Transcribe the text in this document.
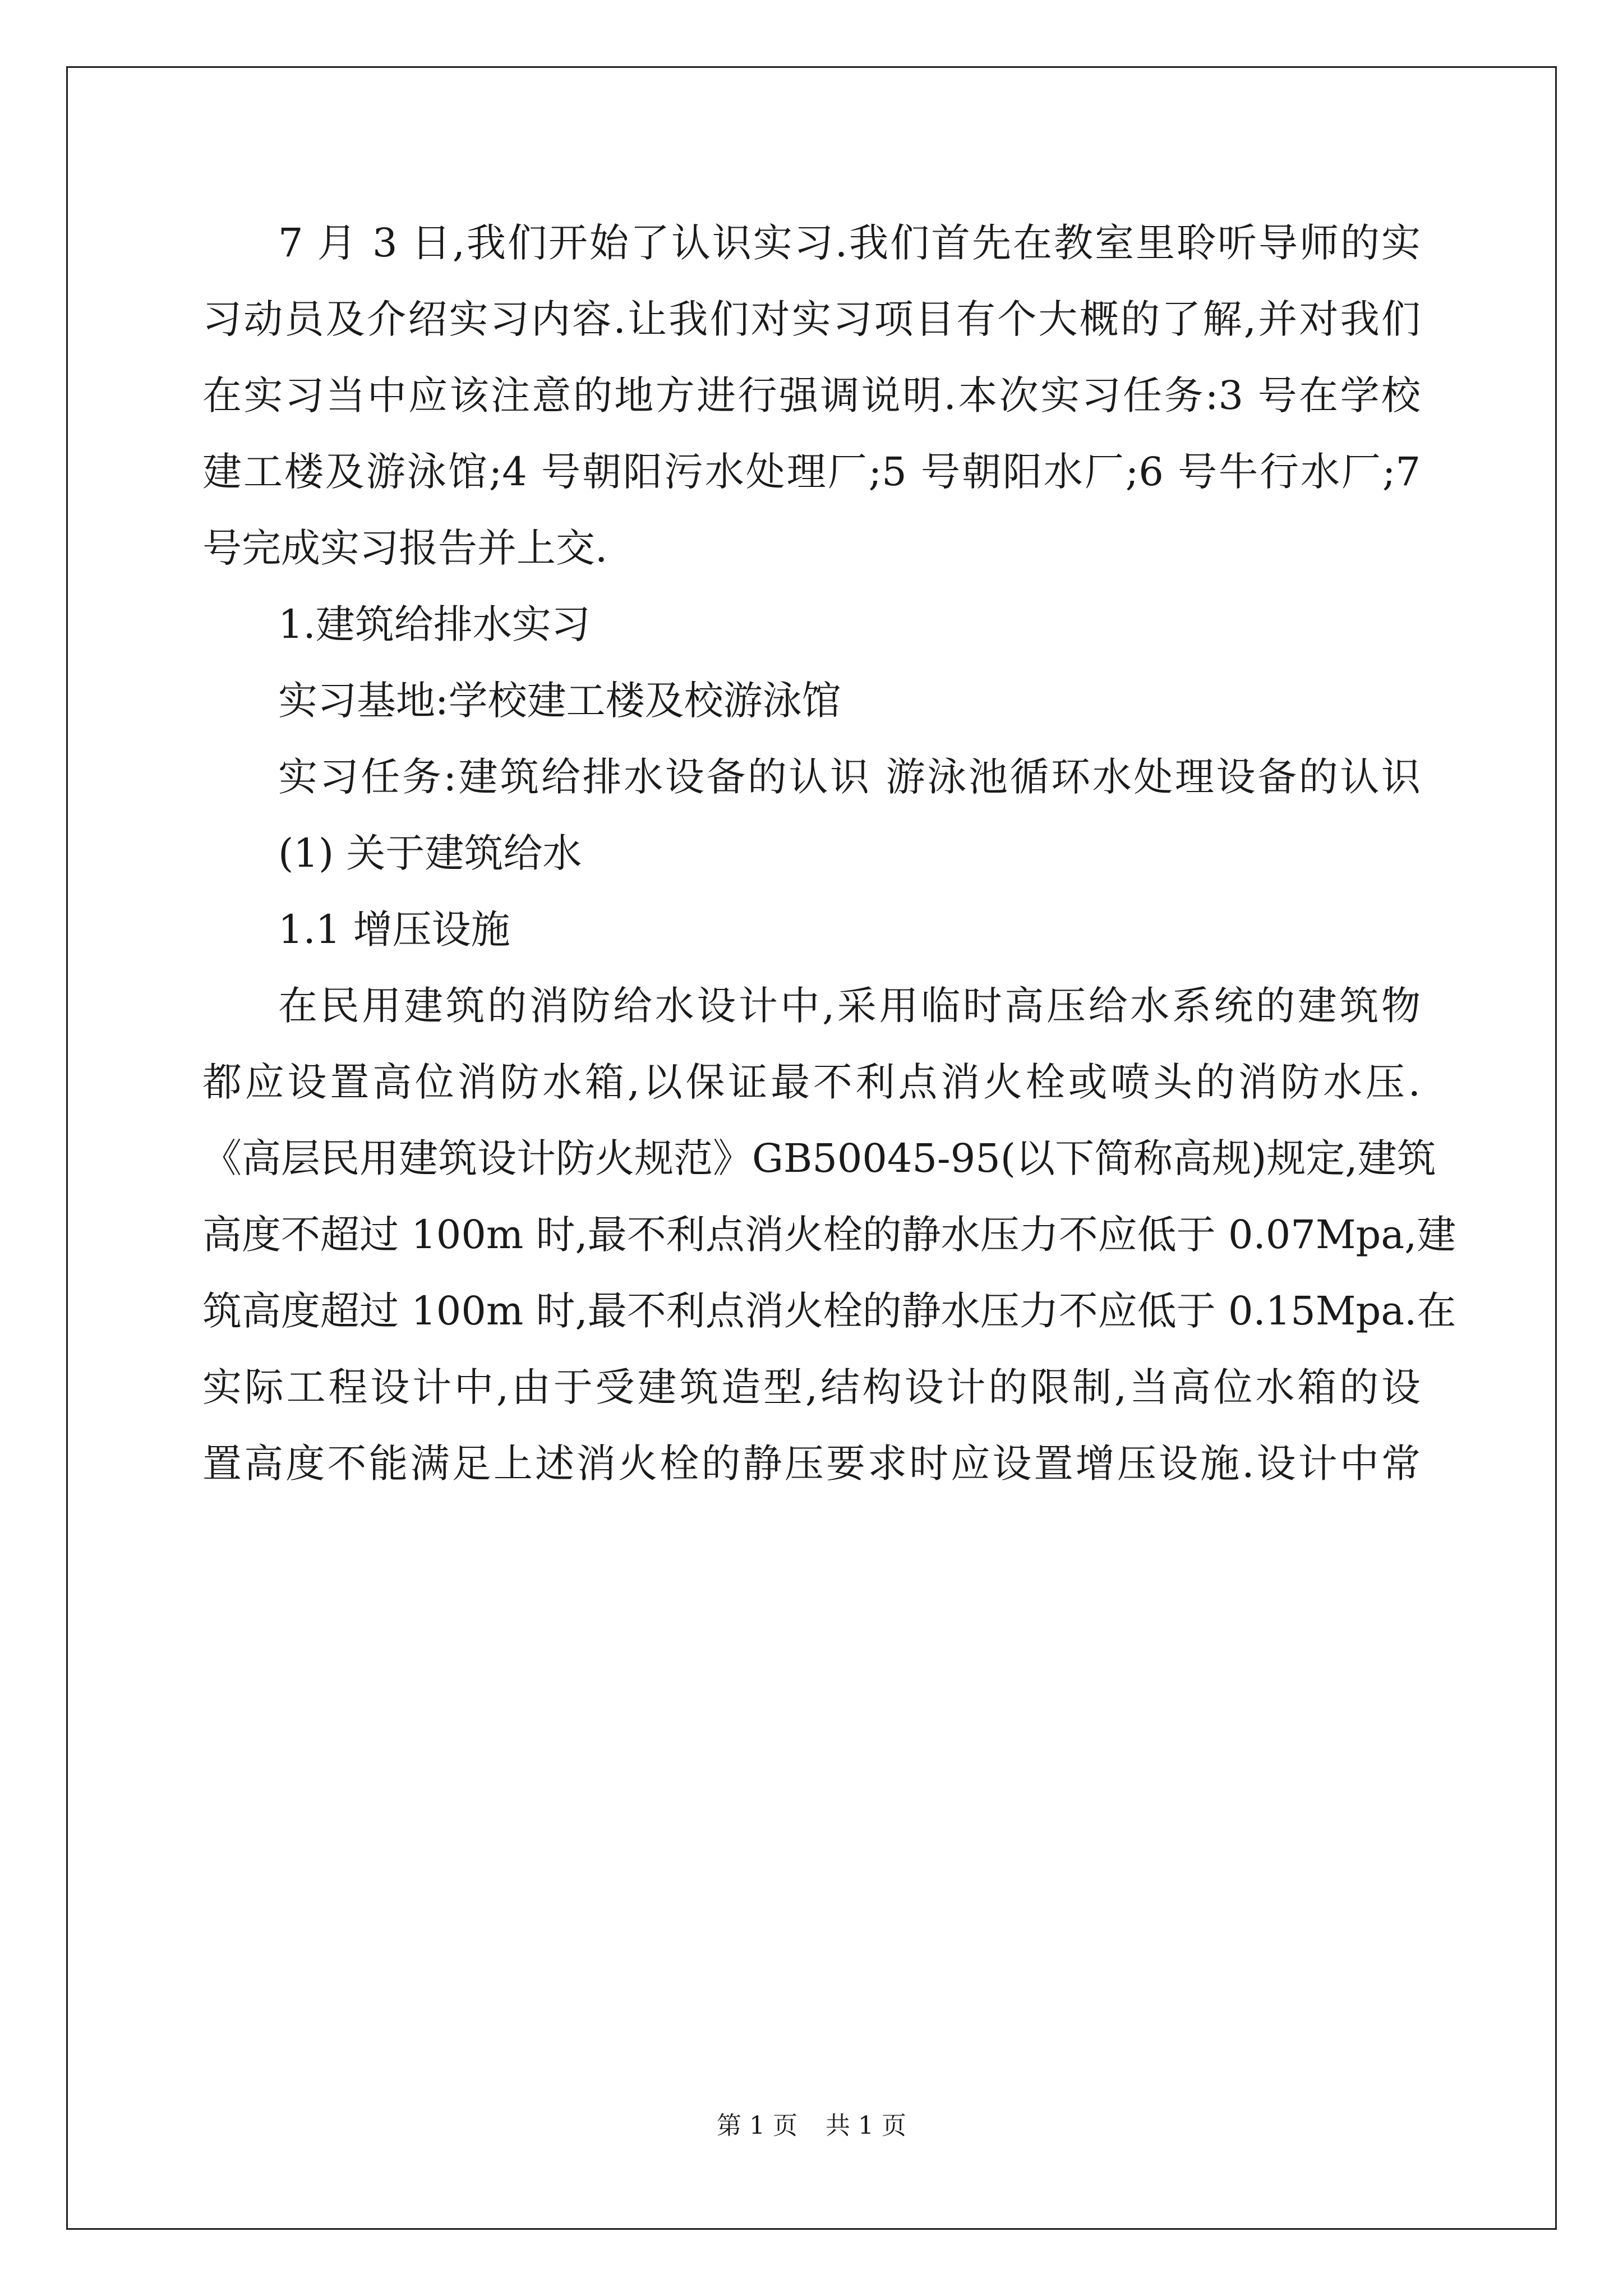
7 月 3 日,我们开始了认识实习.我们首先在教室里聆听导师的实
习动员及介绍实习内容.让我们对实习项目有个大概的了解,并对我们
在实习当中应该注意的地方进行强调说明.本次实习任务:3 号在学校
建工楼及游泳馆;4 号朝阳污水处理厂;5 号朝阳水厂;6 号牛行水厂;7
号完成实习报告并上交.
1.建筑给排水实习
实习基地:学校建工楼及校游泳馆
实习任务:建筑给排水设备的认识 游泳池循环水处理设备的认识
(1) 关于建筑给水
1.1 增压设施
在民用建筑的消防给水设计中,采用临时高压给水系统的建筑物
都应设置高位消防水箱,以保证最不利点消火栓或喷头的消防水压.
《高层民用建筑设计防火规范》GB50045-95(以下简称高规)规定,建筑
高度不超过 100m 时,最不利点消火栓的静水压力不应低于 0.07Mpa,建
筑高度超过 100m 时,最不利点消火栓的静水压力不应低于 0.15Mpa.在
实际工程设计中,由于受建筑造型,结构设计的限制,当高位水箱的设
置高度不能满足上述消火栓的静压要求时应设置增压设施.设计中常
第 1 页 共 1 页
